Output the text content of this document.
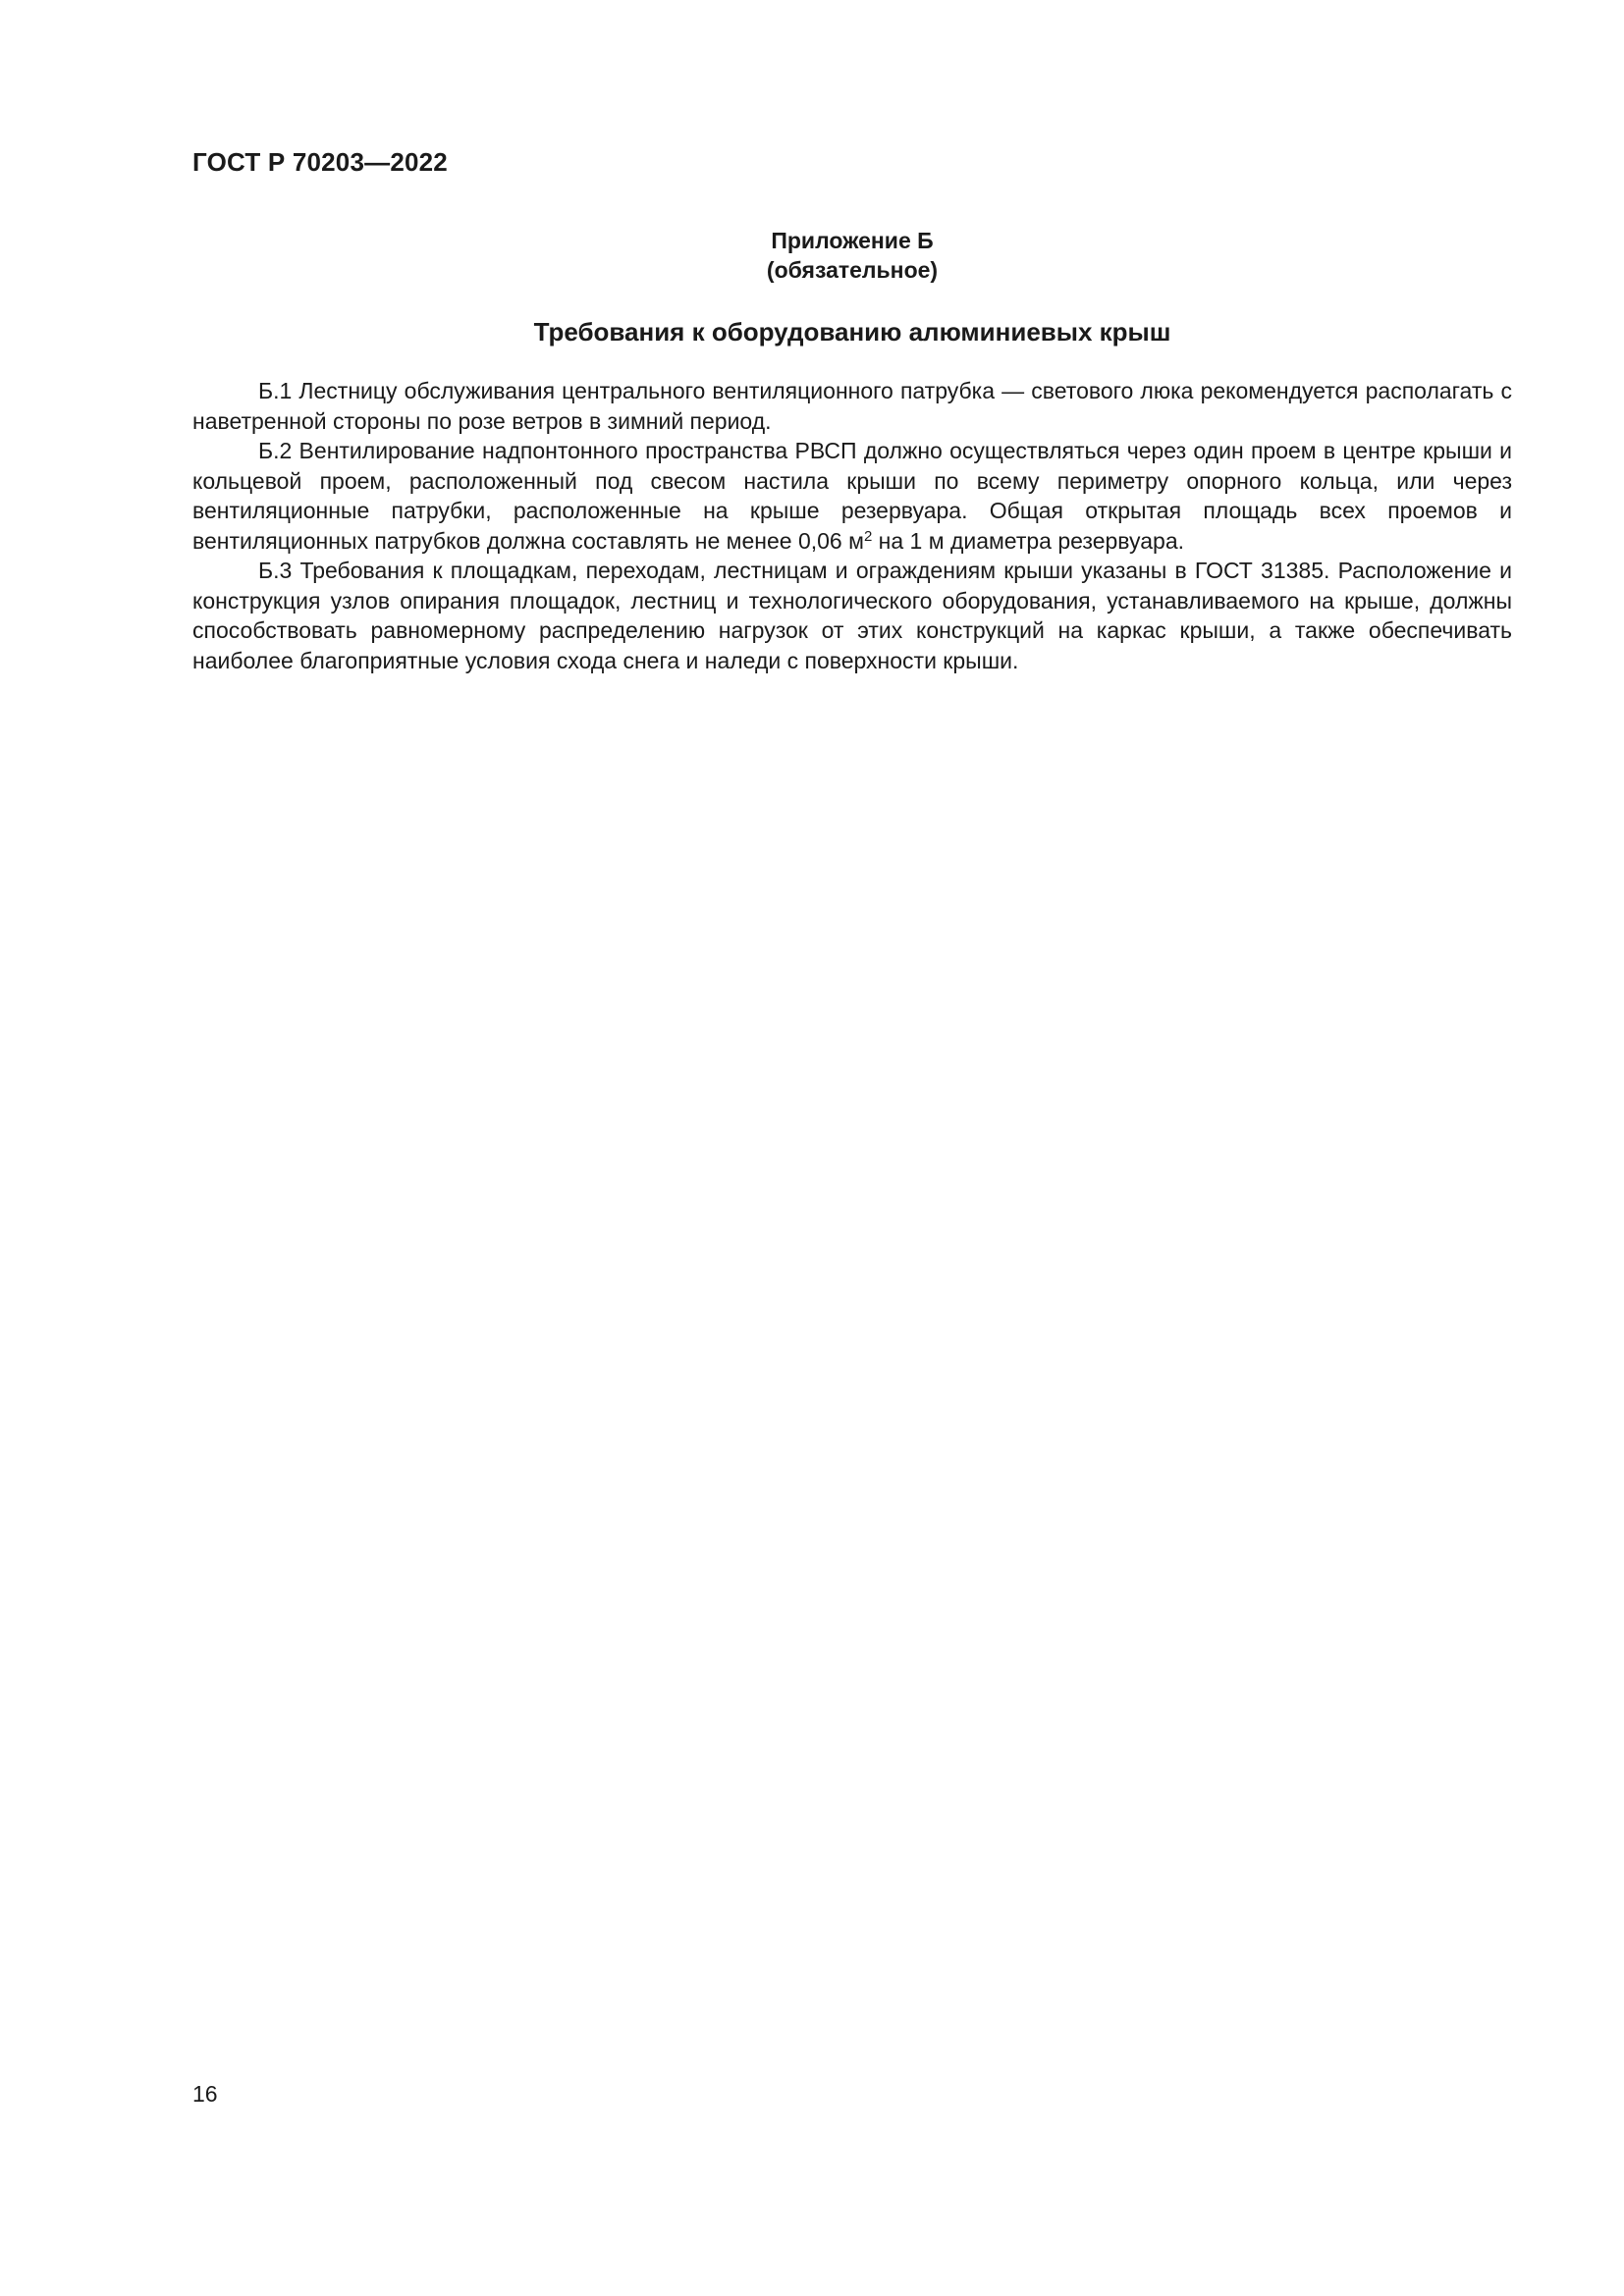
ГОСТ Р 70203—2022
Приложение Б
(обязательное)
Требования к оборудованию алюминиевых крыш

Б.1 Лестницу обслуживания центрального вентиляционного патрубка — светового люка рекомендуется располагать с наветренной стороны по розе ветров в зимний период.

Б.2 Вентилирование надпонтонного пространства РВСП должно осуществляться через один проем в центре крыши и кольцевой проем, расположенный под свесом настила крыши по всему периметру опорного кольца, или через вентиляционные патрубки, расположенные на крыше резервуара. Общая открытая площадь всех проемов и вентиляционных патрубков должна составлять не менее 0,06 $м^2$ на 1 м диаметра резервуара.

Б.3 Требования к площадкам, переходам, лестницам и ограждениям крыши указаны в ГОСТ 31385. Расположение и конструкция узлов опирания площадок, лестниц и технологического оборудования, устанавливаемого на крыше, должны способствовать равномерному распределению нагрузок от этих конструкций на каркас крыши, а также обеспечивать наиболее благоприятные условия схода снега и наледи с поверхности крыши.

16
